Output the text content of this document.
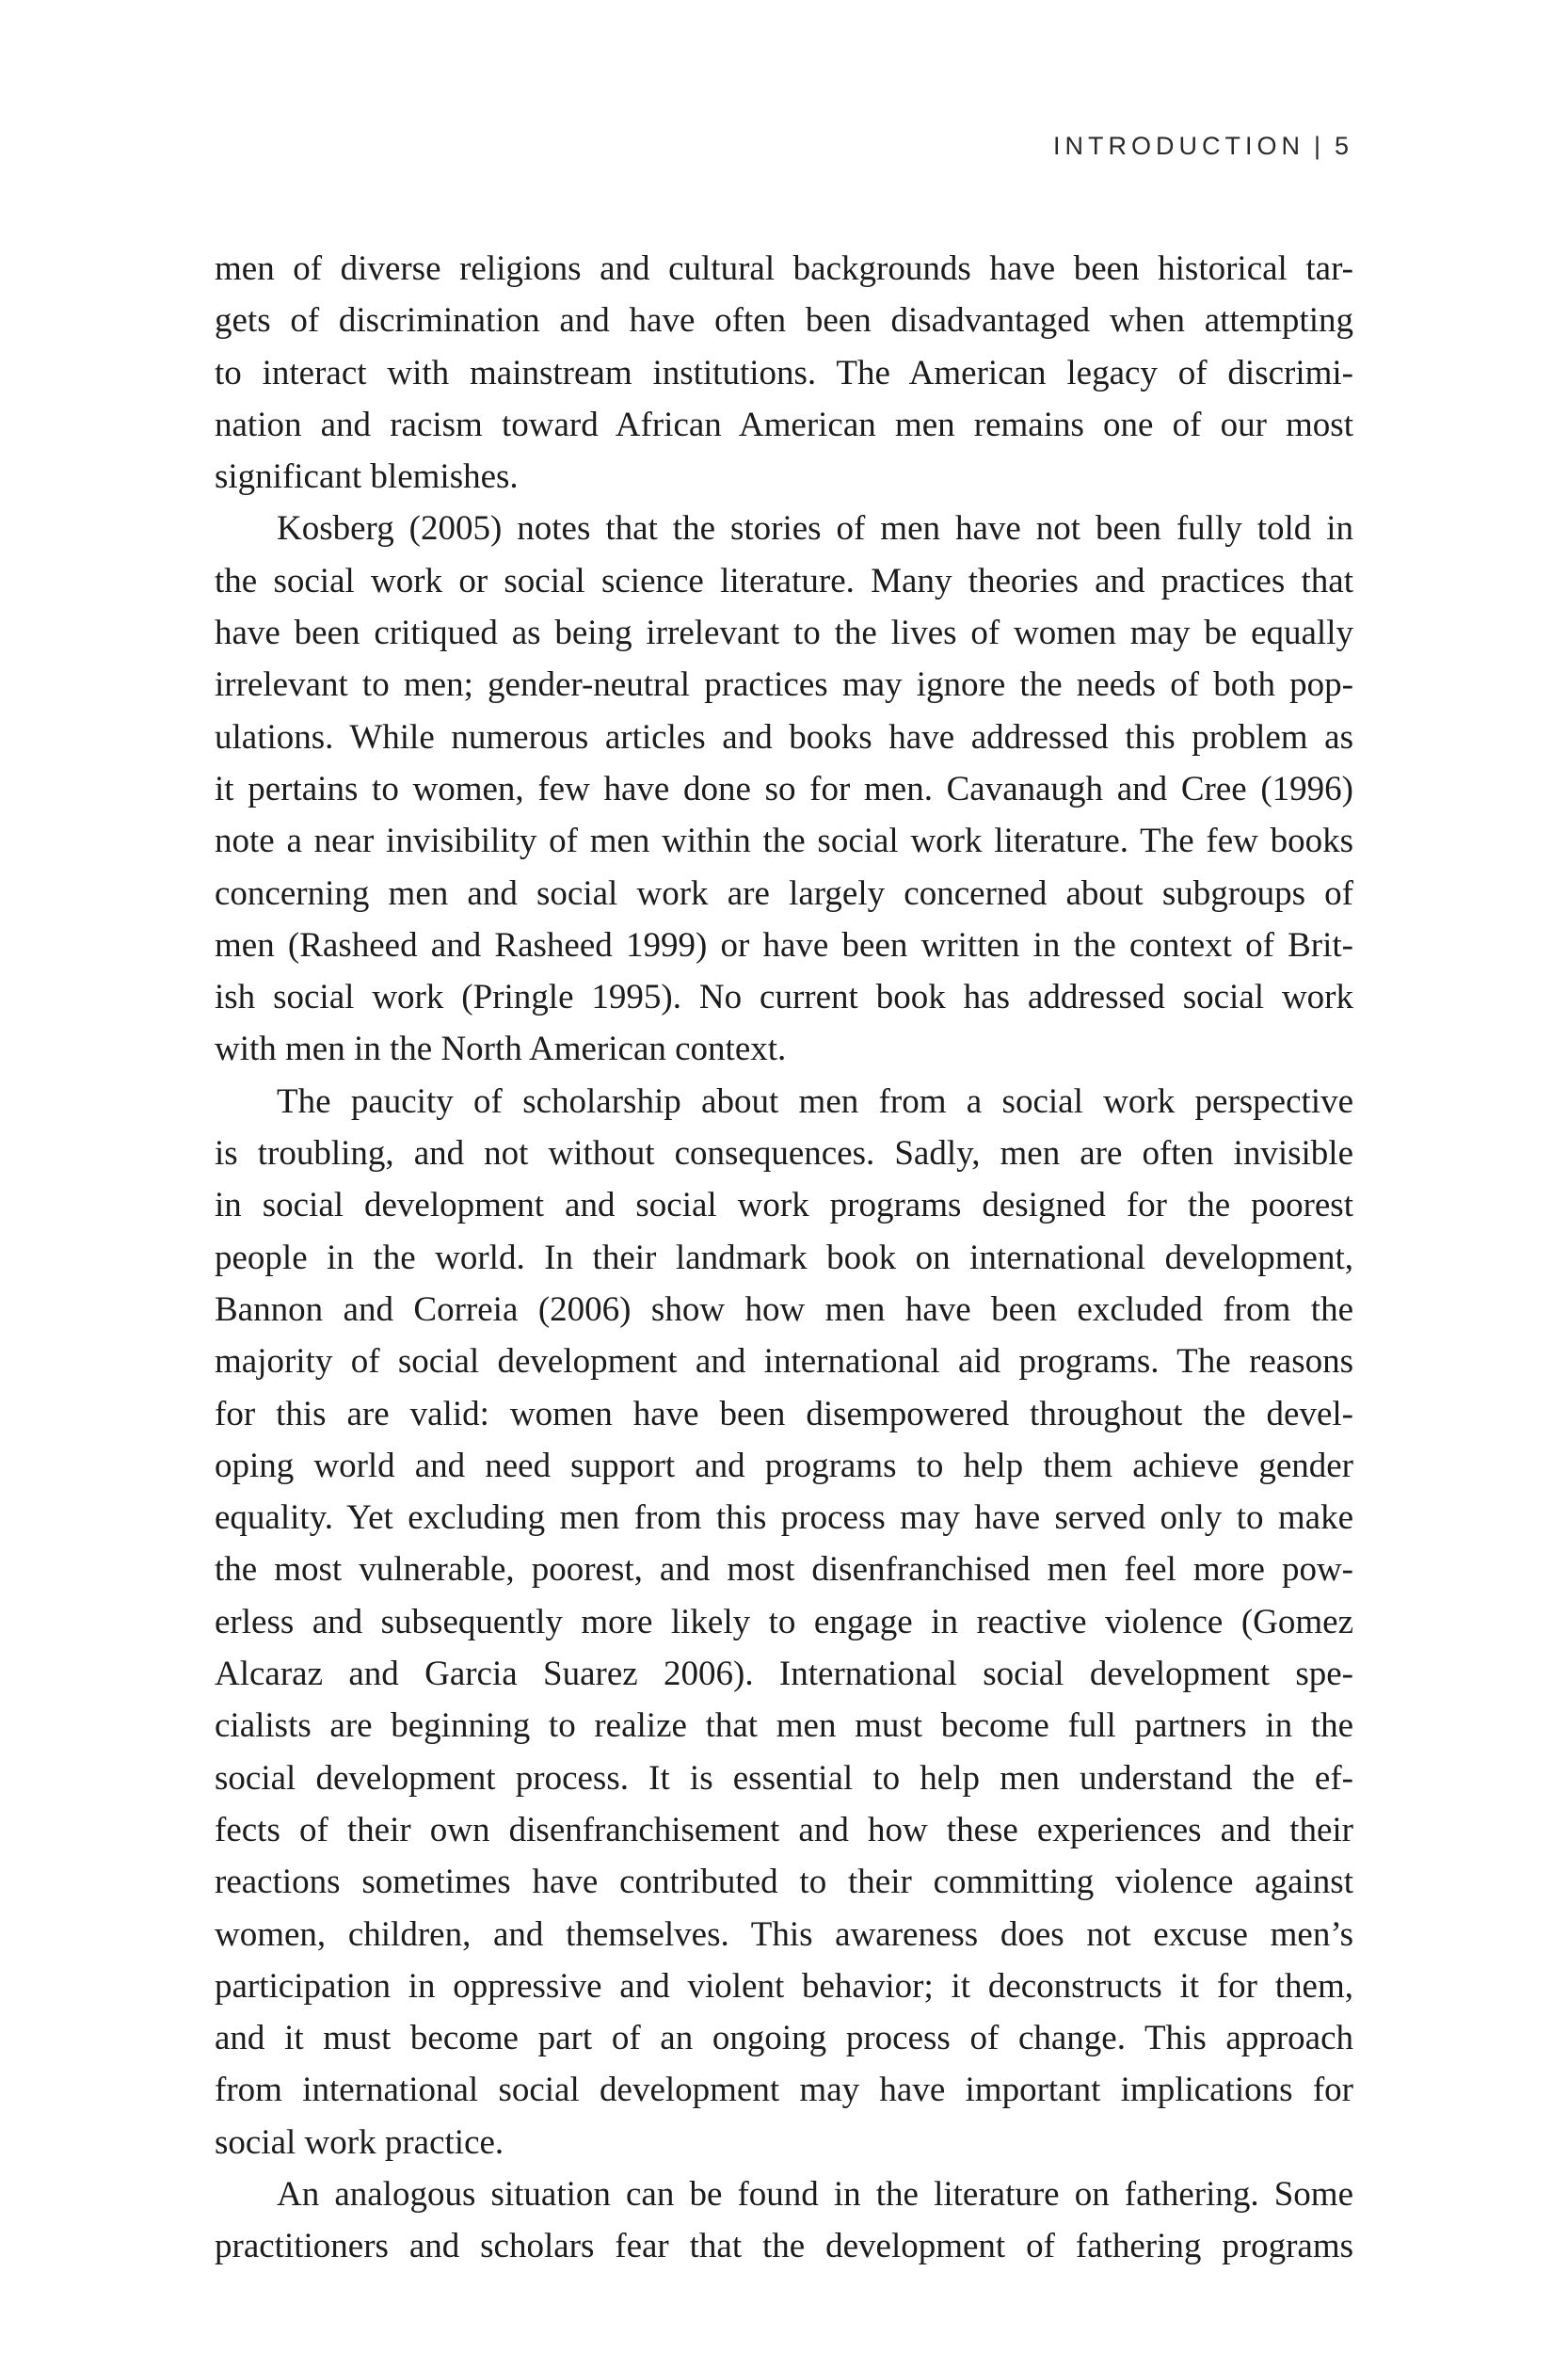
INTRODUCTION | 5
men of diverse religions and cultural backgrounds have been historical tar-
gets of discrimination and have often been disadvantaged when attempting
to interact with mainstream institutions. The American legacy of discrimi-
nation and racism toward African American men remains one of our most
significant blemishes.
Kosberg (2005) notes that the stories of men have not been fully told in
the social work or social science literature. Many theories and practices that
have been critiqued as being irrelevant to the lives of women may be equally
irrelevant to men; gender-neutral practices may ignore the needs of both pop-
ulations. While numerous articles and books have addressed this problem as
it pertains to women, few have done so for men. Cavanaugh and Cree (1996)
note a near invisibility of men within the social work literature. The few books
concerning men and social work are largely concerned about subgroups of
men (Rasheed and Rasheed 1999) or have been written in the context of Brit-
ish social work (Pringle 1995). No current book has addressed social work
with men in the North American context.
The paucity of scholarship about men from a social work perspective
is troubling, and not without consequences. Sadly, men are often invisible
in social development and social work programs designed for the poorest
people in the world. In their landmark book on international development,
Bannon and Correia (2006) show how men have been excluded from the
majority of social development and international aid programs. The reasons
for this are valid: women have been disempowered throughout the devel-
oping world and need support and programs to help them achieve gender
equality. Yet excluding men from this process may have served only to make
the most vulnerable, poorest, and most disenfranchised men feel more pow-
erless and subsequently more likely to engage in reactive violence (Gomez
Alcaraz and Garcia Suarez 2006). International social development spe-
cialists are beginning to realize that men must become full partners in the
social development process. It is essential to help men understand the ef-
fects of their own disenfranchisement and how these experiences and their
reactions sometimes have contributed to their committing violence against
women, children, and themselves. This awareness does not excuse men’s
participation in oppressive and violent behavior; it deconstructs it for them,
and it must become part of an ongoing process of change. This approach
from international social development may have important implications for
social work practice.
An analogous situation can be found in the literature on fathering. Some
practitioners and scholars fear that the development of fathering programs
